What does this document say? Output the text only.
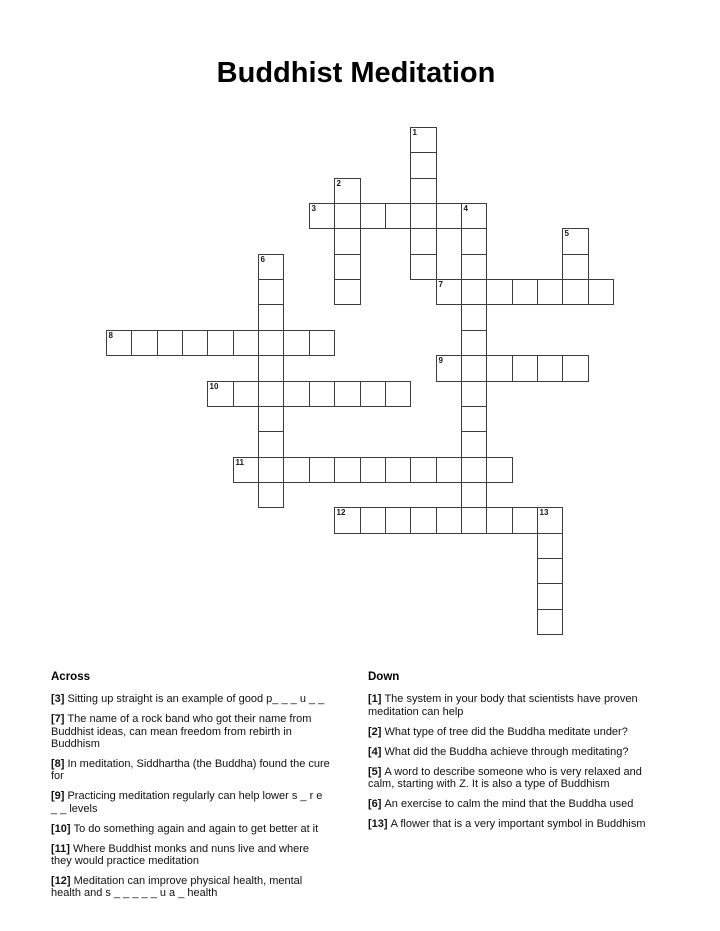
Buddhist Meditation
1
2
3	4
5
6
7
8
9
10
11
12	13
Across
[3] Sitting up straight is an example of good p_ _ _ u _ _
[7] The name of a rock band who got their name from Buddhist ideas, can mean freedom from rebirth in Buddhism
[8] In meditation, Siddhartha (the Buddha) found the cure for
[9] Practicing meditation regularly can help lower s _ r e _ _ levels
[10] To do something again and again to get better at it
[11] Where Buddhist monks and nuns live and where they would practice meditation
[12] Meditation can improve physical health, mental health and s _ _ _ _ _ u a _ health
Down
[1] The system in your body that scientists have proven meditation can help
[2] What type of tree did the Buddha meditate under?
[4] What did the Buddha achieve through meditating?
[5] A word to describe someone who is very relaxed and calm, starting with Z. It is also a type of Buddhism
[6] An exercise to calm the mind that the Buddha used
[13] A flower that is a very important symbol in Buddhism
